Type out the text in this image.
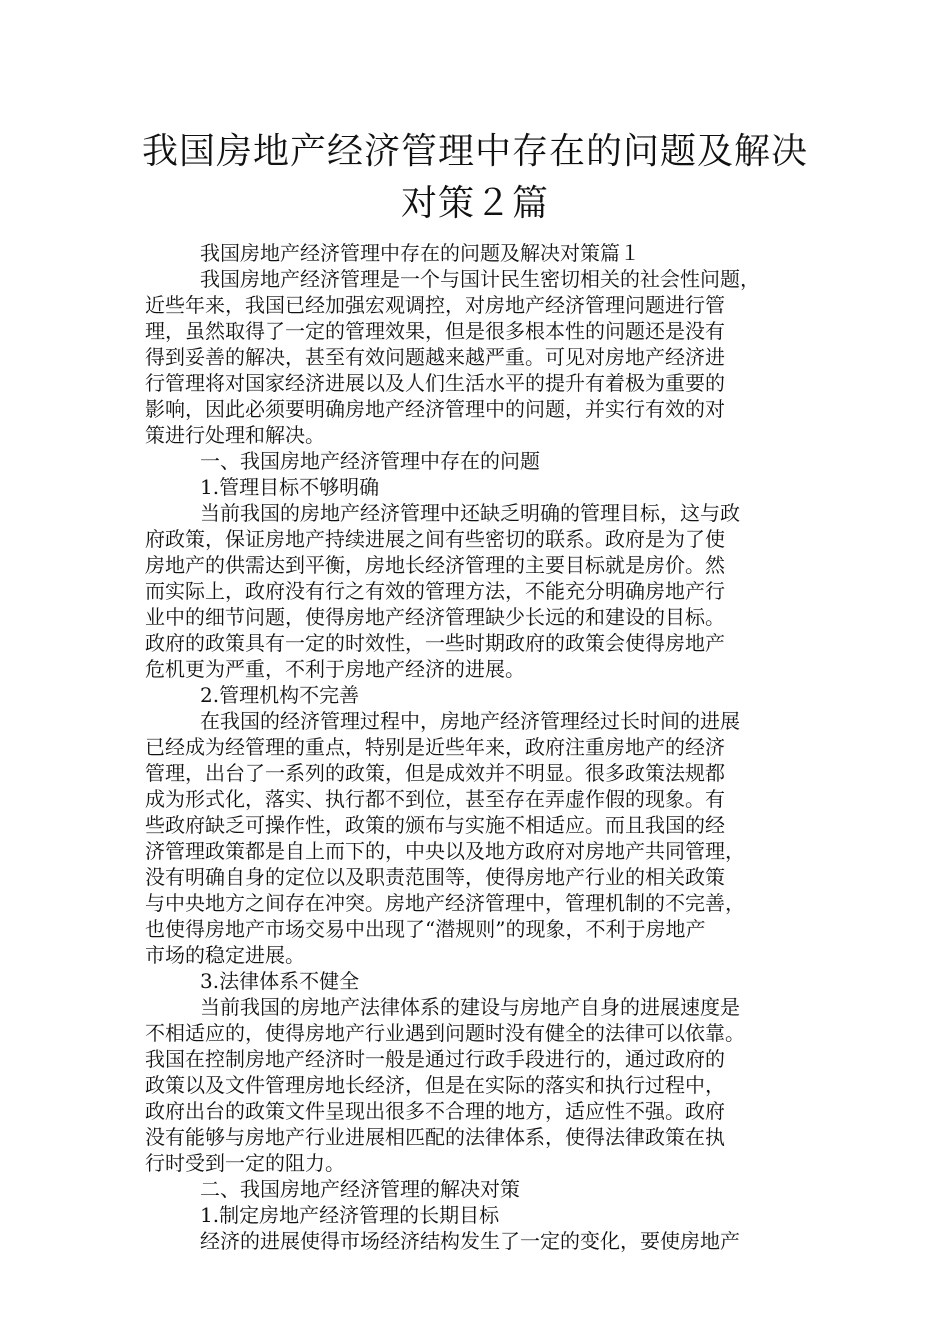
我国房地产经济管理中存在的问题及解决
对策２篇
我国房地产经济管理中存在的问题及解决对策篇１
我国房地产经济管理是一个与国计民生密切相关的社会性问题，
近些年来，我国已经加强宏观调控，对房地产经济管理问题进行管
理，虽然取得了一定的管理效果，但是很多根本性的问题还是没有
得到妥善的解决，甚至有效问题越来越严重。可见对房地产经济进
行管理将对国家经济进展以及人们生活水平的提升有着极为重要的
影响，因此必须要明确房地产经济管理中的问题，并实行有效的对
策进行处理和解决。
一、我国房地产经济管理中存在的问题
1.管理目标不够明确
当前我国的房地产经济管理中还缺乏明确的管理目标，这与政
府政策，保证房地产持续进展之间有些密切的联系。政府是为了使
房地产的供需达到平衡，房地长经济管理的主要目标就是房价。然
而实际上，政府没有行之有效的管理方法，不能充分明确房地产行
业中的细节问题，使得房地产经济管理缺少长远的和建设的目标。
政府的政策具有一定的时效性，一些时期政府的政策会使得房地产
危机更为严重，不利于房地产经济的进展。
2.管理机构不完善
在我国的经济管理过程中，房地产经济管理经过长时间的进展
已经成为经管理的重点，特别是近些年来，政府注重房地产的经济
管理，出台了一系列的政策，但是成效并不明显。很多政策法规都
成为形式化，落实、执行都不到位，甚至存在弄虚作假的现象。有
些政府缺乏可操作性，政策的颁布与实施不相适应。而且我国的经
济管理政策都是自上而下的，中央以及地方政府对房地产共同管理，
没有明确自身的定位以及职责范围等，使得房地产行业的相关政策
与中央地方之间存在冲突。房地产经济管理中，管理机制的不完善，
也使得房地产市场交易中出现了“潜规则”的现象，不利于房地产
市场的稳定进展。
3.法律体系不健全
当前我国的房地产法律体系的建设与房地产自身的进展速度是
不相适应的，使得房地产行业遇到问题时没有健全的法律可以依靠。
我国在控制房地产经济时一般是通过行政手段进行的，通过政府的
政策以及文件管理房地长经济，但是在实际的落实和执行过程中，
政府出台的政策文件呈现出很多不合理的地方，适应性不强。政府
没有能够与房地产行业进展相匹配的法律体系，使得法律政策在执
行时受到一定的阻力。
二、我国房地产经济管理的解决对策
1.制定房地产经济管理的长期目标
经济的进展使得市场经济结构发生了一定的变化，要使房地产
